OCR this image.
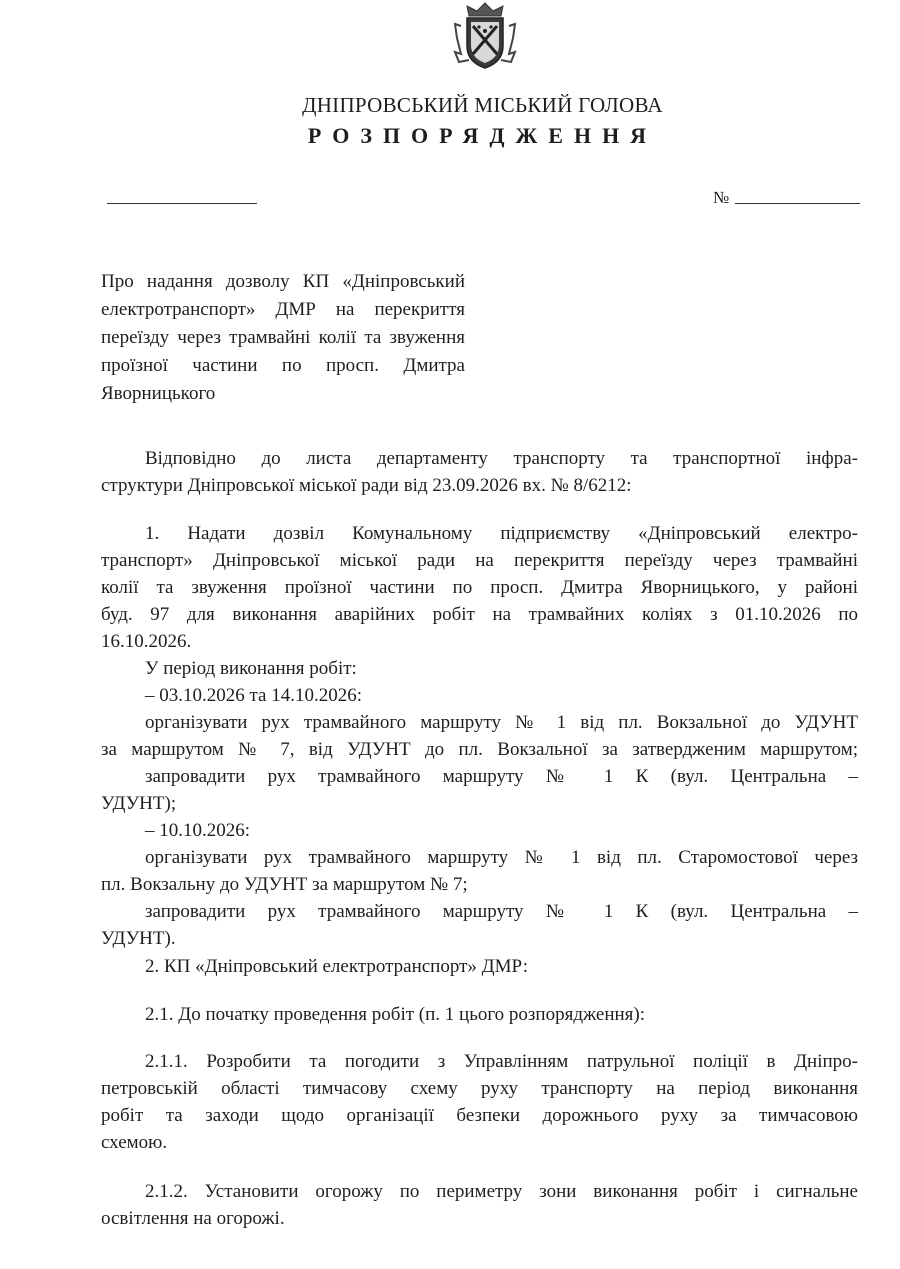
ДНІПРОВСЬКИЙ МІСЬКИЙ ГОЛОВА
РОЗПОРЯДЖЕННЯ
№
Про надання дозволу КП «Дніпровський електротранспорт» ДМР на перекриття переїзду через трамвайні колії та звуження проїзної частини по просп. Дмитра Яворницького
Відповідно до листа департаменту транспорту та транспортної інфра-
структури Дніпровської міської ради від 23.09.2026 вх. № 8/6212:
1. Надати дозвіл Комунальному підприємству «Дніпровський електро-
транспорт» Дніпровської міської ради на перекриття переїзду через трамвайні
колії та звуження проїзної частини по просп. Дмитра Яворницького, у районі
буд. 97 для виконання аварійних робіт на трамвайних коліях з 01.10.2026 по
16.10.2026.
У період виконання робіт:
– 03.10.2026 та 14.10.2026:
організувати рух трамвайного маршруту № 1 від пл. Вокзальної до УДУНТ
за маршрутом № 7, від УДУНТ до пл. Вокзальної за затвердженим маршрутом;
запровадити рух трамвайного маршруту № 1 К (вул. Центральна –
УДУНТ);
– 10.10.2026:
організувати рух трамвайного маршруту № 1 від пл. Старомостової через
пл. Вокзальну до УДУНТ за маршрутом № 7;
запровадити рух трамвайного маршруту № 1 К (вул. Центральна –
УДУНТ).
2. КП «Дніпровський електротранспорт» ДМР:
2.1. До початку проведення робіт (п. 1 цього розпорядження):
2.1.1. Розробити та погодити з Управлінням патрульної поліції в Дніпро-
петровській області тимчасову схему руху транспорту на період виконання
робіт та заходи щодо організації безпеки дорожнього руху за тимчасовою
схемою.
2.1.2. Установити огорожу по периметру зони виконання робіт і сигнальне
освітлення на огорожі.
